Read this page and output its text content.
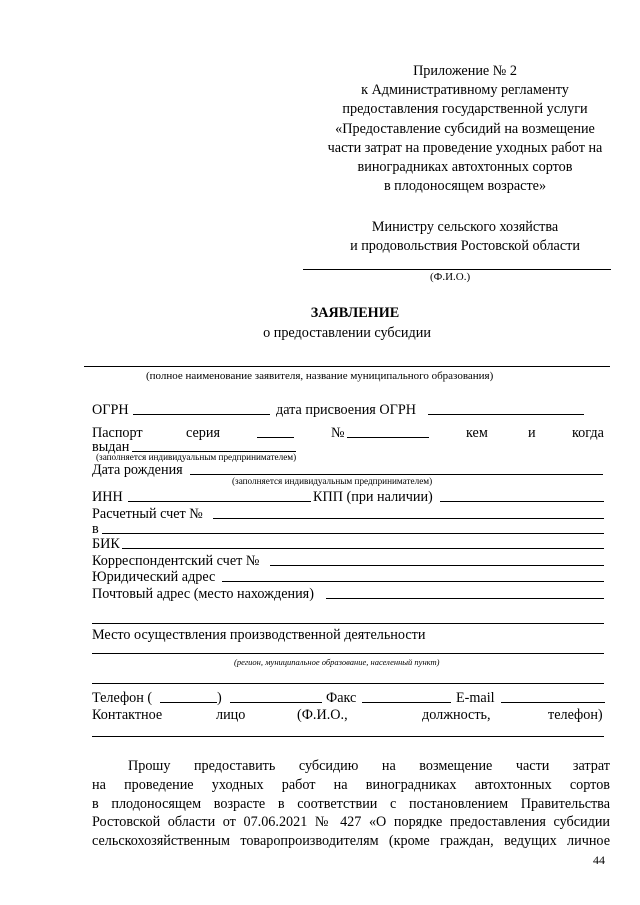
Приложение № 2
к Административному регламенту
предоставления государственной услуги
«Предоставление субсидий на возмещение
части затрат на проведение уходных работ на
виноградниках автохтонных сортов
в плодоносящем возрасте»
Министру сельского хозяйства
и продовольствия Ростовской области
(Ф.И.О.)
ЗАЯВЛЕНИЕ
о предоставлении субсидии
(полное наименование заявителя, название муниципального образования)
ОГРН	дата присвоения ОГРН
Паспорт	серия	№	кем	и	когда
выдан
(заполняется индивидуальным предпринимателем)
Дата рождения
(заполняется индивидуальным предпринимателем)
ИНН	КПП (при наличии)
Расчетный счет №
в
БИК
Корреспондентский счет №
Юридический адрес
Почтовый адрес (место нахождения)
Место осуществления производственной деятельности
(регион, муниципальное образование, населенный пункт)
Телефон (	)	Факс	E-mail
Контактное	лицо	(Ф.И.О.,	должность,	телефон)
Прошу предоставить субсидию на возмещение части затрат
на проведение уходных работ на виноградниках автохтонных сортов
в плодоносящем возрасте в соответствии с постановлением Правительства
Ростовской области от 07.06.2021 № 427 «О порядке предоставления субсидии
сельскохозяйственным товаропроизводителям (кроме граждан, ведущих личное
44
